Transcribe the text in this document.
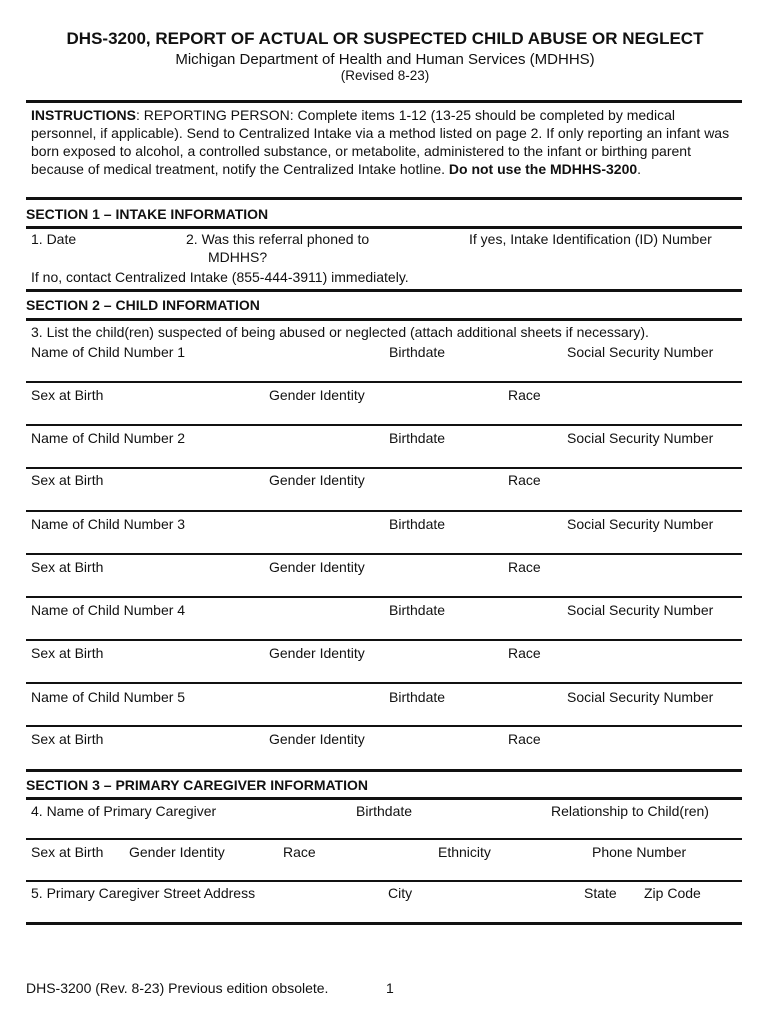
DHS-3200, REPORT OF ACTUAL OR SUSPECTED CHILD ABUSE OR NEGLECT
Michigan Department of Health and Human Services (MDHHS)
(Revised 8-23)
INSTRUCTIONS: REPORTING PERSON: Complete items 1-12 (13-25 should be completed by medical personnel, if applicable). Send to Centralized Intake via a method listed on page 2. If only reporting an infant was born exposed to alcohol, a controlled substance, or metabolite, administered to the infant or birthing parent because of medical treatment, notify the Centralized Intake hotline. Do not use the MDHHS-3200.
SECTION 1 – INTAKE INFORMATION
1. Date	2. Was this referral phoned to
MDHHS?
If yes, Intake Identification (ID) Number
If no, contact Centralized Intake (855-444-3911) immediately.
SECTION 2 – CHILD INFORMATION
3. List the child(ren) suspected of being abused or neglected (attach additional sheets if necessary).
Name of Child Number 1	Birthdate	Social Security Number
Sex at Birth	Gender Identity	Race
Name of Child Number 2	Birthdate	Social Security Number
Sex at Birth	Gender Identity	Race
Name of Child Number 3	Birthdate	Social Security Number
Sex at Birth	Gender Identity	Race
Name of Child Number 4	Birthdate	Social Security Number
Sex at Birth	Gender Identity	Race
Name of Child Number 5	Birthdate	Social Security Number
Sex at Birth	Gender Identity	Race
SECTION 3 – PRIMARY CAREGIVER INFORMATION
4. Name of Primary Caregiver	Birthdate	Relationship to Child(ren)
Sex at Birth Gender Identity	Race	Ethnicity	Phone Number
5. Primary Caregiver Street Address	City	State Zip Code
DHS-3200 (Rev. 8-23) Previous edition obsolete.	1
